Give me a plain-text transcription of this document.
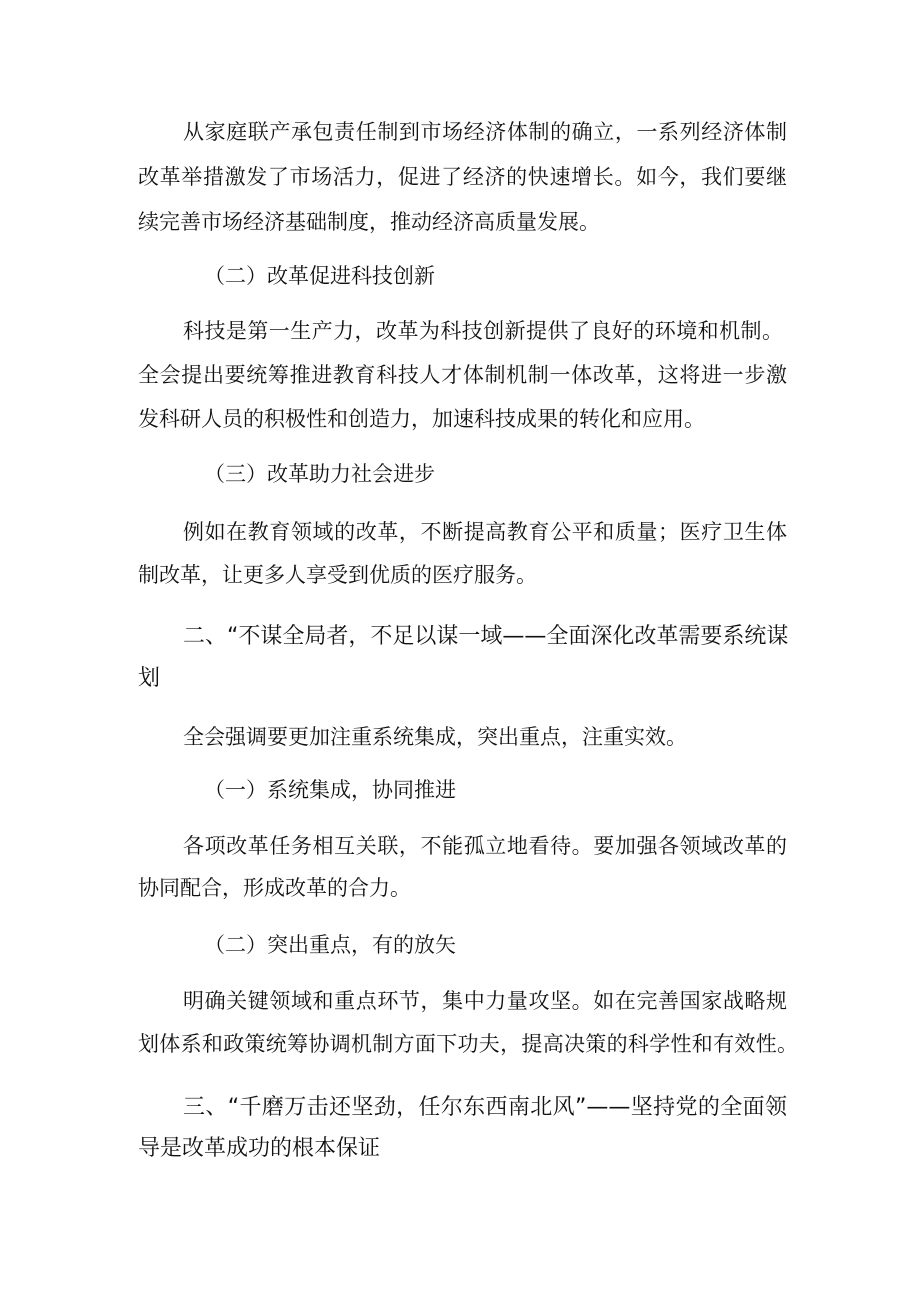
从家庭联产承包责任制到市场经济体制的确立，一系列经济体制
改革举措激发了市场活力，促进了经济的快速增长。如今，我们要继
续完善市场经济基础制度，推动经济高质量发展。
（二）改革促进科技创新
科技是第一生产力，改革为科技创新提供了良好的环境和机制。
全会提出要统筹推进教育科技人才体制机制一体改革，这将进一步激
发科研人员的积极性和创造力，加速科技成果的转化和应用。
（三）改革助力社会进步
例如在教育领域的改革，不断提高教育公平和质量；医疗卫生体
制改革，让更多人享受到优质的医疗服务。
二、“不谋全局者，不足以谋一域——全面深化改革需要系统谋
划
全会强调要更加注重系统集成，突出重点，注重实效。
（一）系统集成，协同推进
各项改革任务相互关联，不能孤立地看待。要加强各领域改革的
协同配合，形成改革的合力。
（二）突出重点，有的放矢
明确关键领域和重点环节，集中力量攻坚。如在完善国家战略规
划体系和政策统筹协调机制方面下功夫，提高决策的科学性和有效性。
三、“千磨万击还坚劲，任尔东西南北风”——坚持党的全面领
导是改革成功的根本保证
